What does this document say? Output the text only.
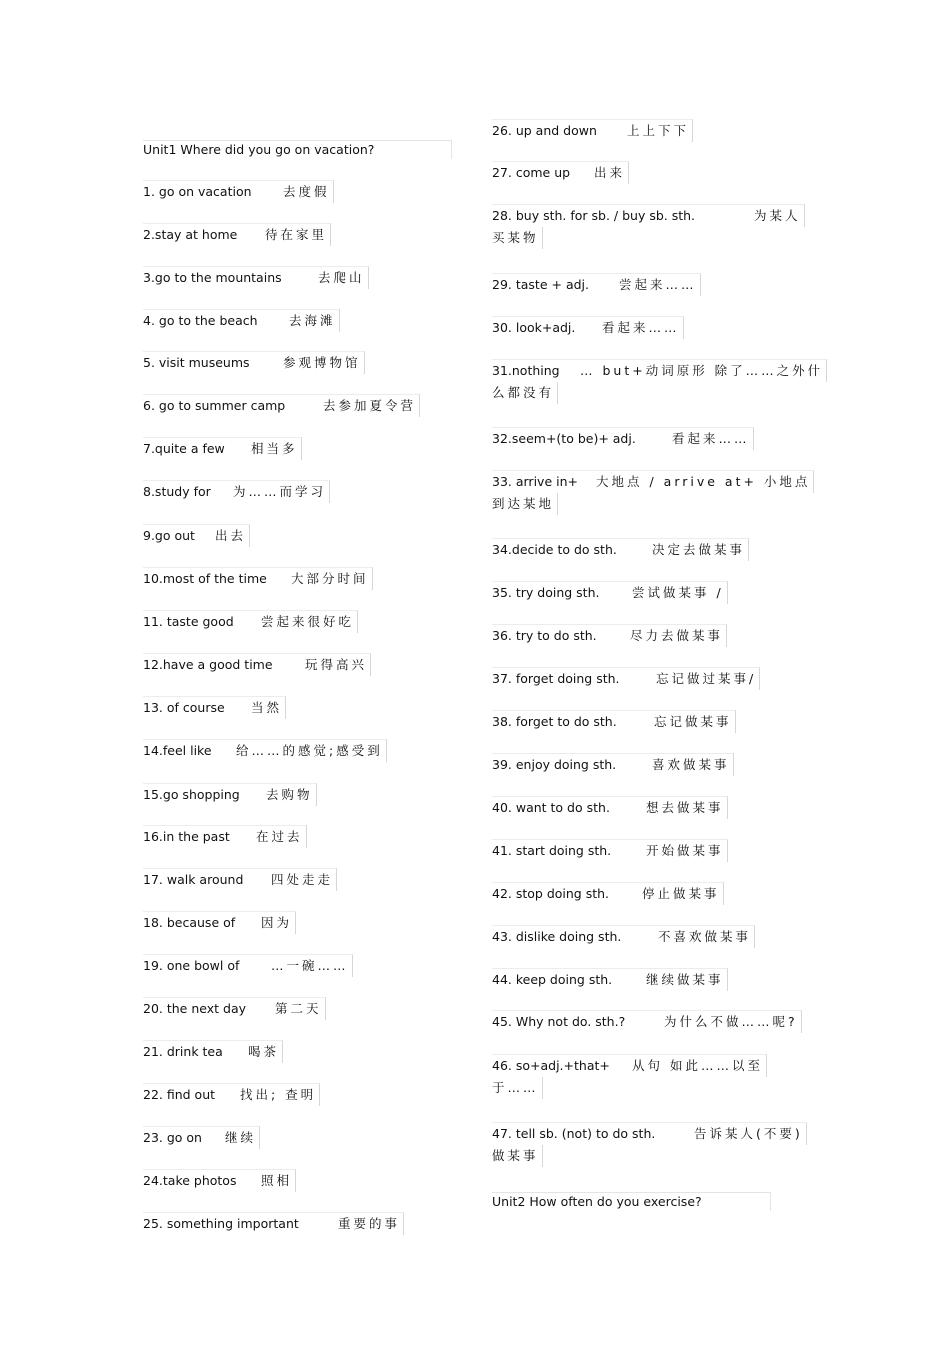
Unit1 Where did you go on vacation?
1. go on vacation	去度假
2.stay at home 待在家里
3.go to the mountains	去爬山
4. go to the beach	去海滩
5. visit museums	参观博物馆
6. go to summer camp	去参加夏令营
7.quite a few 相当多
8.study for 为……而学习
9.go out 出去
10.most of the time 大部分时间
11. taste good 尝起来很好吃
12.have a good time	玩得高兴
13. of course 当然
14.feel like 给……的感觉;感受到
15.go shopping 去购物
16.in the past 在过去
17. walk around 四处走走
18. because of 因为
19. one bowl of	…一碗……
20. the next day 第二天
21. drink tea 喝茶
22. find out 找出; 查明
23. go on 继续
24.take photos 照相
25. something important	重要的事
26. up and down 上上下下
27. come up 出来
28. buy sth. for sb. / buy sb. sth.	为某人
买某物
29. taste + adj. 尝起来……
30. look+adj. 看起来……
31.nothing … but+动词原形 除了……之外什
么都没有
32.seem+(to be)+ adj.	看起来……
33. arrive in+ 大地点 / arrive at+ 小地点
到达某地
34.decide to do sth.	决定去做某事
35. try doing sth.	尝试做某事 /
36. try to do sth.	尽力去做某事
37. forget doing sth.	忘记做过某事/
38. forget to do sth.	忘记做某事
39. enjoy doing sth.	喜欢做某事
40. want to do sth.	想去做某事
41. start doing sth.	开始做某事
42. stop doing sth.	停止做某事
43. dislike doing sth.	不喜欢做某事
44. keep doing sth.	继续做某事
45. Why not do. sth.?	为什么不做……呢?
46. so+adj.+that+ 从句 如此……以至
于……
47. tell sb. (not) to do sth.	告诉某人(不要)
做某事
Unit2 How often do you exercise?
